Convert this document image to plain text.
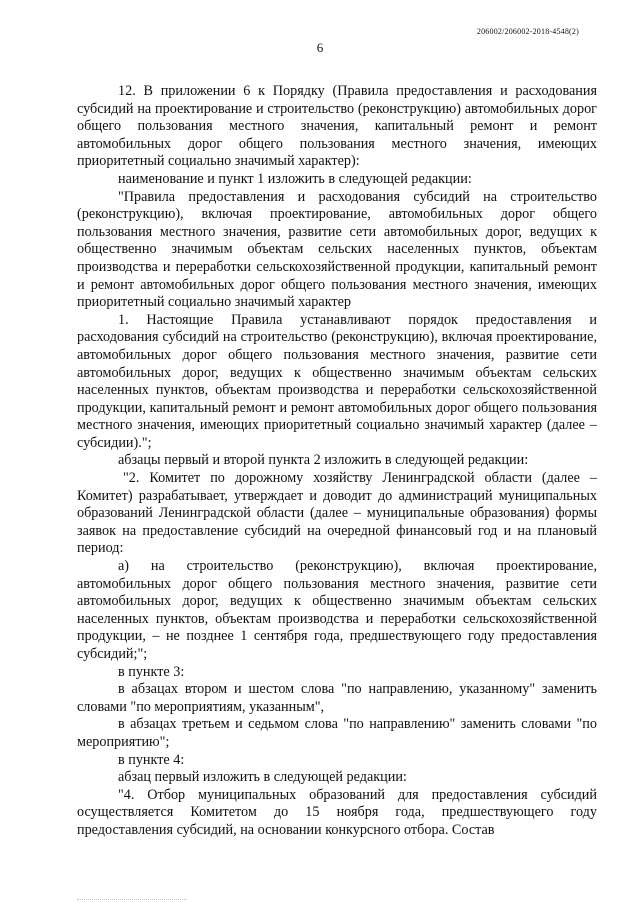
206002/206002-2018-4548(2)
6

12. В приложении 6 к Порядку (Правила предоставления и расходования субсидий на проектирование и строительство (реконструкцию) автомобильных дорог общего пользования местного значения, капитальный ремонт и ремонт автомобильных дорог общего пользования местного значения, имеющих приоритетный социально значимый характер):

наименование и пункт 1 изложить в следующей редакции:

"Правила предоставления и расходования субсидий на строительство (реконструкцию), включая проектирование, автомобильных дорог общего пользования местного значения, развитие сети автомобильных дорог, ведущих к общественно значимым объектам сельских населенных пунктов, объектам производства и переработки сельскохозяйственной продукции, капитальный ремонт и ремонт автомобильных дорог общего пользования местного значения, имеющих приоритетный социально значимый характер

1. Настоящие Правила устанавливают порядок предоставления и расходования субсидий на строительство (реконструкцию), включая проектирование, автомобильных дорог общего пользования местного значения, развитие сети автомобильных дорог, ведущих к общественно значимым объектам сельских населенных пунктов, объектам производства и переработки сельскохозяйственной продукции, капитальный ремонт и ремонт автомобильных дорог общего пользования местного значения, имеющих приоритетный социально значимый характер (далее – субсидии).";

абзацы первый и второй пункта 2 изложить в следующей редакции:

"2. Комитет по дорожному хозяйству Ленинградской области (далее – Комитет) разрабатывает, утверждает и доводит до администраций муниципальных образований Ленинградской области (далее – муниципальные образования) формы заявок на предоставление субсидий на очередной финансовый год и на плановый период:

а) на строительство (реконструкцию), включая проектирование, автомобильных дорог общего пользования местного значения, развитие сети автомобильных дорог, ведущих к общественно значимым объектам сельских населенных пунктов, объектам производства и переработки сельскохозяйственной продукции, – не позднее 1 сентября года, предшествующего году предоставления субсидий;";

в пункте 3:

в абзацах втором и шестом слова "по направлению, указанному" заменить словами "по мероприятиям, указанным",

в абзацах третьем и седьмом слова "по направлению" заменить словами "по мероприятию";

в пункте 4:

абзац первый изложить в следующей редакции:

"4. Отбор муниципальных образований для предоставления субсидий осуществляется Комитетом до 15 ноября года, предшествующего году предоставления субсидий, на основании конкурсного отбора. Состав
